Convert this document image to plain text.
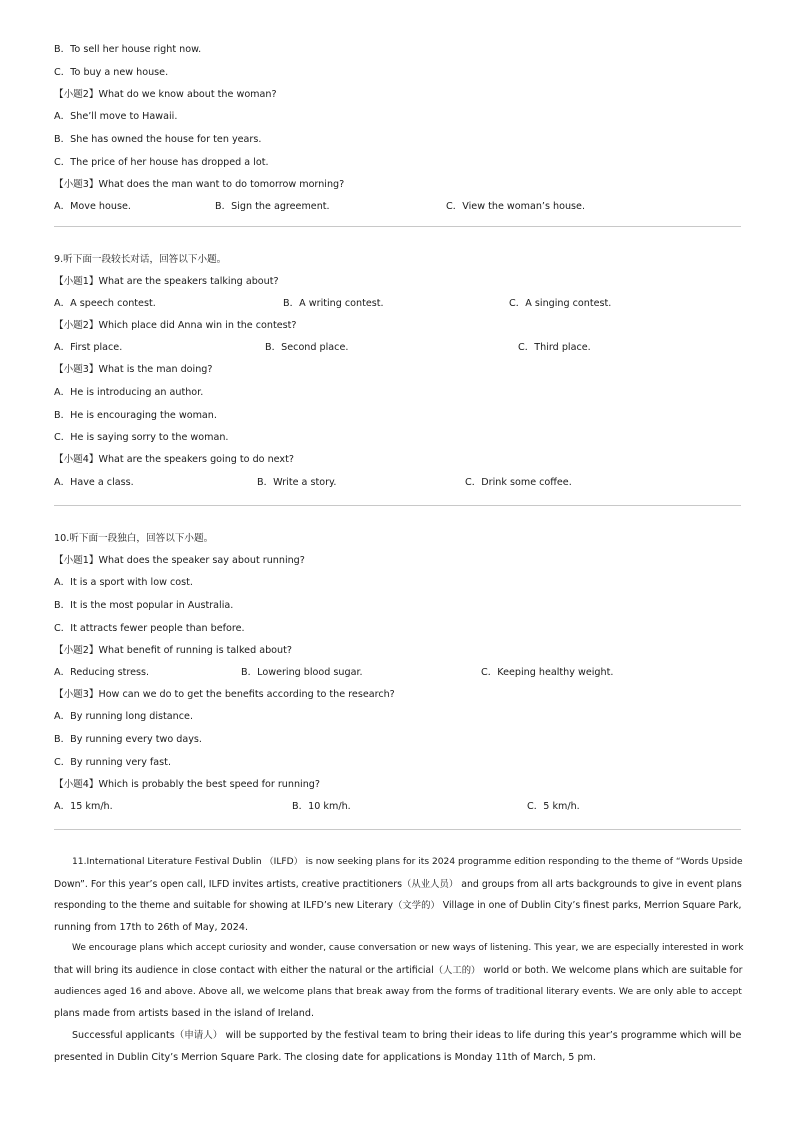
B．To sell her house right now.
C．To buy a new house.
【小题2】What do we know about the woman?
A．She’ll move to Hawaii.
B．She has owned the house for ten years.
C．The price of her house has dropped a lot.
【小题3】What does the man want to do tomorrow morning?
A．Move house.	B．Sign the agreement.	C．View the woman’s house.
9.听下面一段较长对话，回答以下小题。
【小题1】What are the speakers talking about?
A．A speech contest.	B．A writing contest.	C．A singing contest.
【小题2】Which place did Anna win in the contest?
A．First place.	B．Second place.	C．Third place.
【小题3】What is the man doing?
A．He is introducing an author.
B．He is encouraging the woman.
C．He is saying sorry to the woman.
【小题4】What are the speakers going to do next?
A．Have a class.	B．Write a story.	C．Drink some coffee.
10.听下面一段独白，回答以下小题。
【小题1】What does the speaker say about running?
A．It is a sport with low cost.
B．It is the most popular in Australia.
C．It attracts fewer people than before.
【小题2】What benefit of running is talked about?
A．Reducing stress.	B．Lowering blood sugar.	C．Keeping healthy weight.
【小题3】How can we do to get the benefits according to the research?
A．By running long distance.
B．By running every two days.
C．By running very fast.
【小题4】Which is probably the best speed for running?
A．15 km/h.	B．10 km/h.	C．5 km/h.
11.International Literature Festival Dublin （ILFD） is now seeking plans for its 2024 programme edition responding to the theme of “Words Upside
Down”. For this year’s open call, ILFD invites artists, creative practitioners（从业人员） and groups from all arts backgrounds to give in event plans
responding to the theme and suitable for showing at ILFD’s new Literary（文学的） Village in one of Dublin City’s finest parks, Merrion Square Park,
running from 17th to 26th of May, 2024.
We encourage plans which accept curiosity and wonder, cause conversation or new ways of listening. This year, we are especially interested in work
that will bring its audience in close contact with either the natural or the artificial（人工的） world or both. We welcome plans which are suitable for
audiences aged 16 and above. Above all, we welcome plans that break away from the forms of traditional literary events. We are only able to accept
plans made from artists based in the island of Ireland.
Successful applicants（申请人） will be supported by the festival team to bring their ideas to life during this year’s programme which will be
presented in Dublin City’s Merrion Square Park. The closing date for applications is Monday 11th of March, 5 pm.
